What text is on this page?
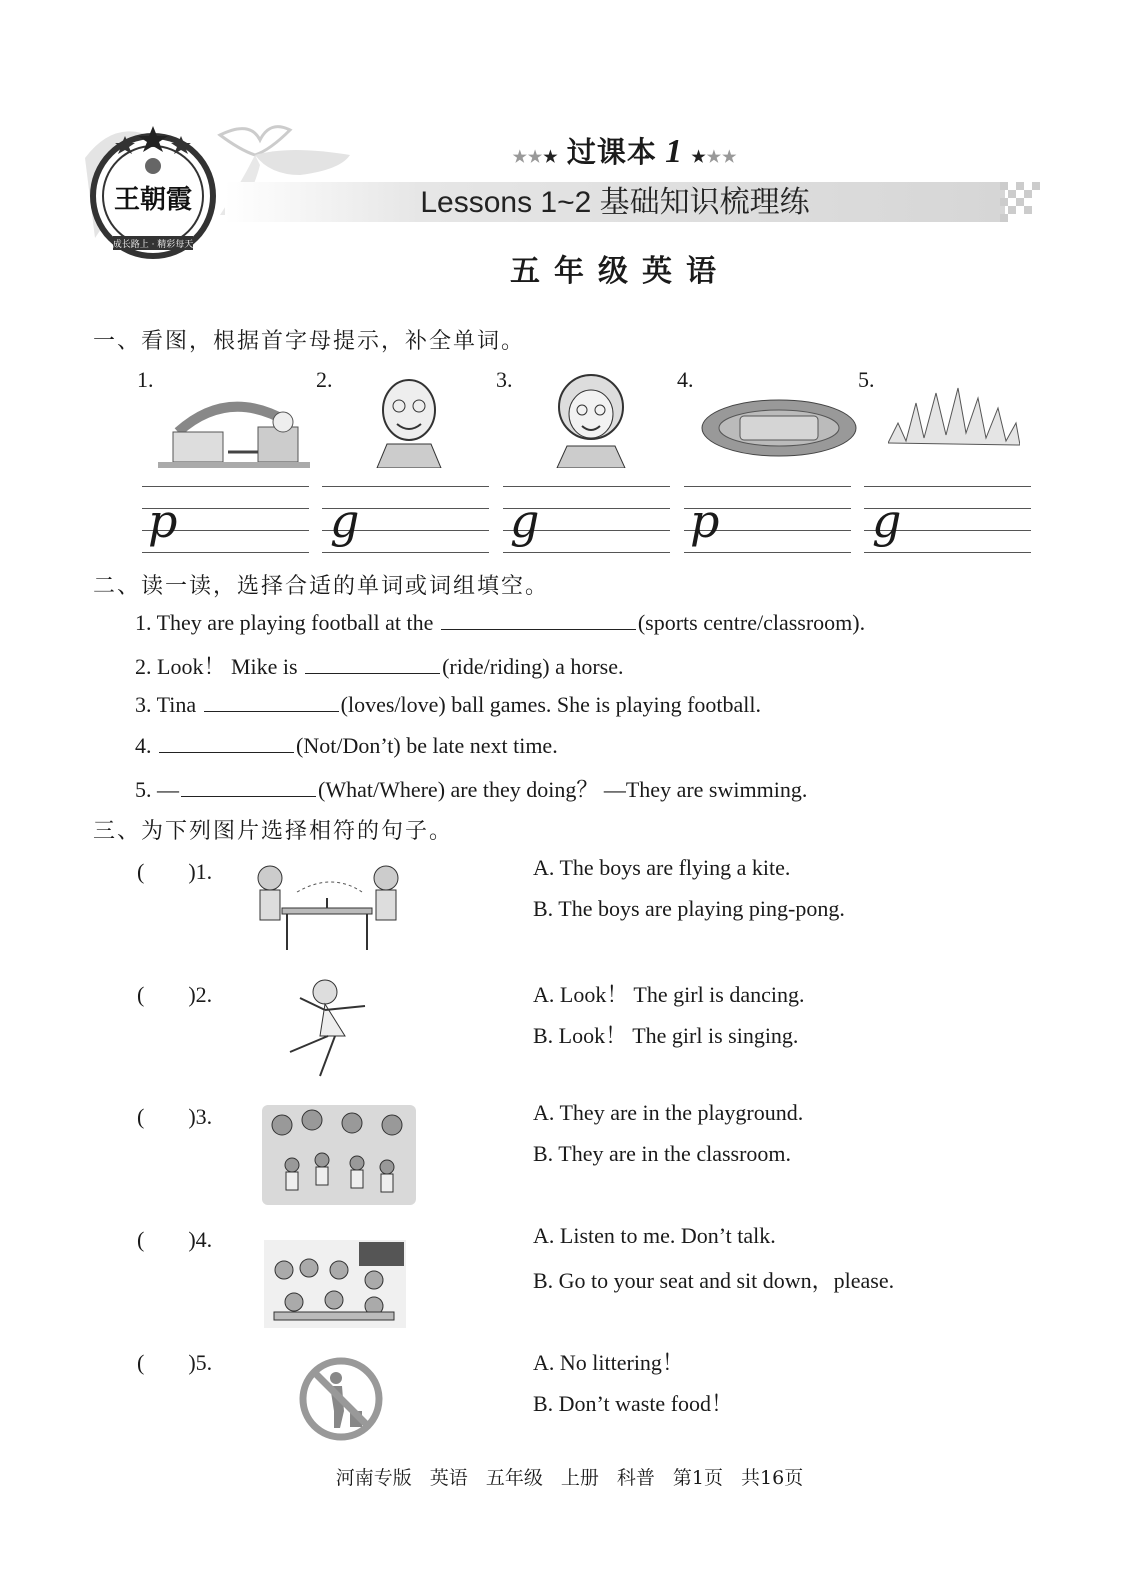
王朝霞
成长路上 · 精彩每天
★★★ 过课本 1 ★★★
Lessons 1~2 基础知识梳理练
五年级英语
一、看图，根据首字母提示，补全单词。
1.	2.	3.	4.	5.
p	g	g	p	g
二、读一读，选择合适的单词或词组填空。
1. They are playing football at the	(sports centre/classroom).
2. Look！ Mike is	(ride/riding) a horse.
3. Tina	(loves/love) ball games. She is playing football.
4.	(Not/Don’t) be late next time.
5. —	(What/Where) are they doing？ —They are swimming.
三、为下列图片选择相符的句子。
(　　)1.	A. The boys are flying a kite.
B. The boys are playing ping-pong.
(　　)2.	A. Look！ The girl is dancing.
B. Look！ The girl is singing.
(　　)3.	A. They are in the playground.
B. They are in the classroom.
(　　)4.	A. Listen to me. Don’t talk.
B. Go to your seat and sit down，please.
(　　)5.	A. No littering！
B. Don’t waste food！
河南专版 英语 五年级 上册 科普 第1页 共16页
